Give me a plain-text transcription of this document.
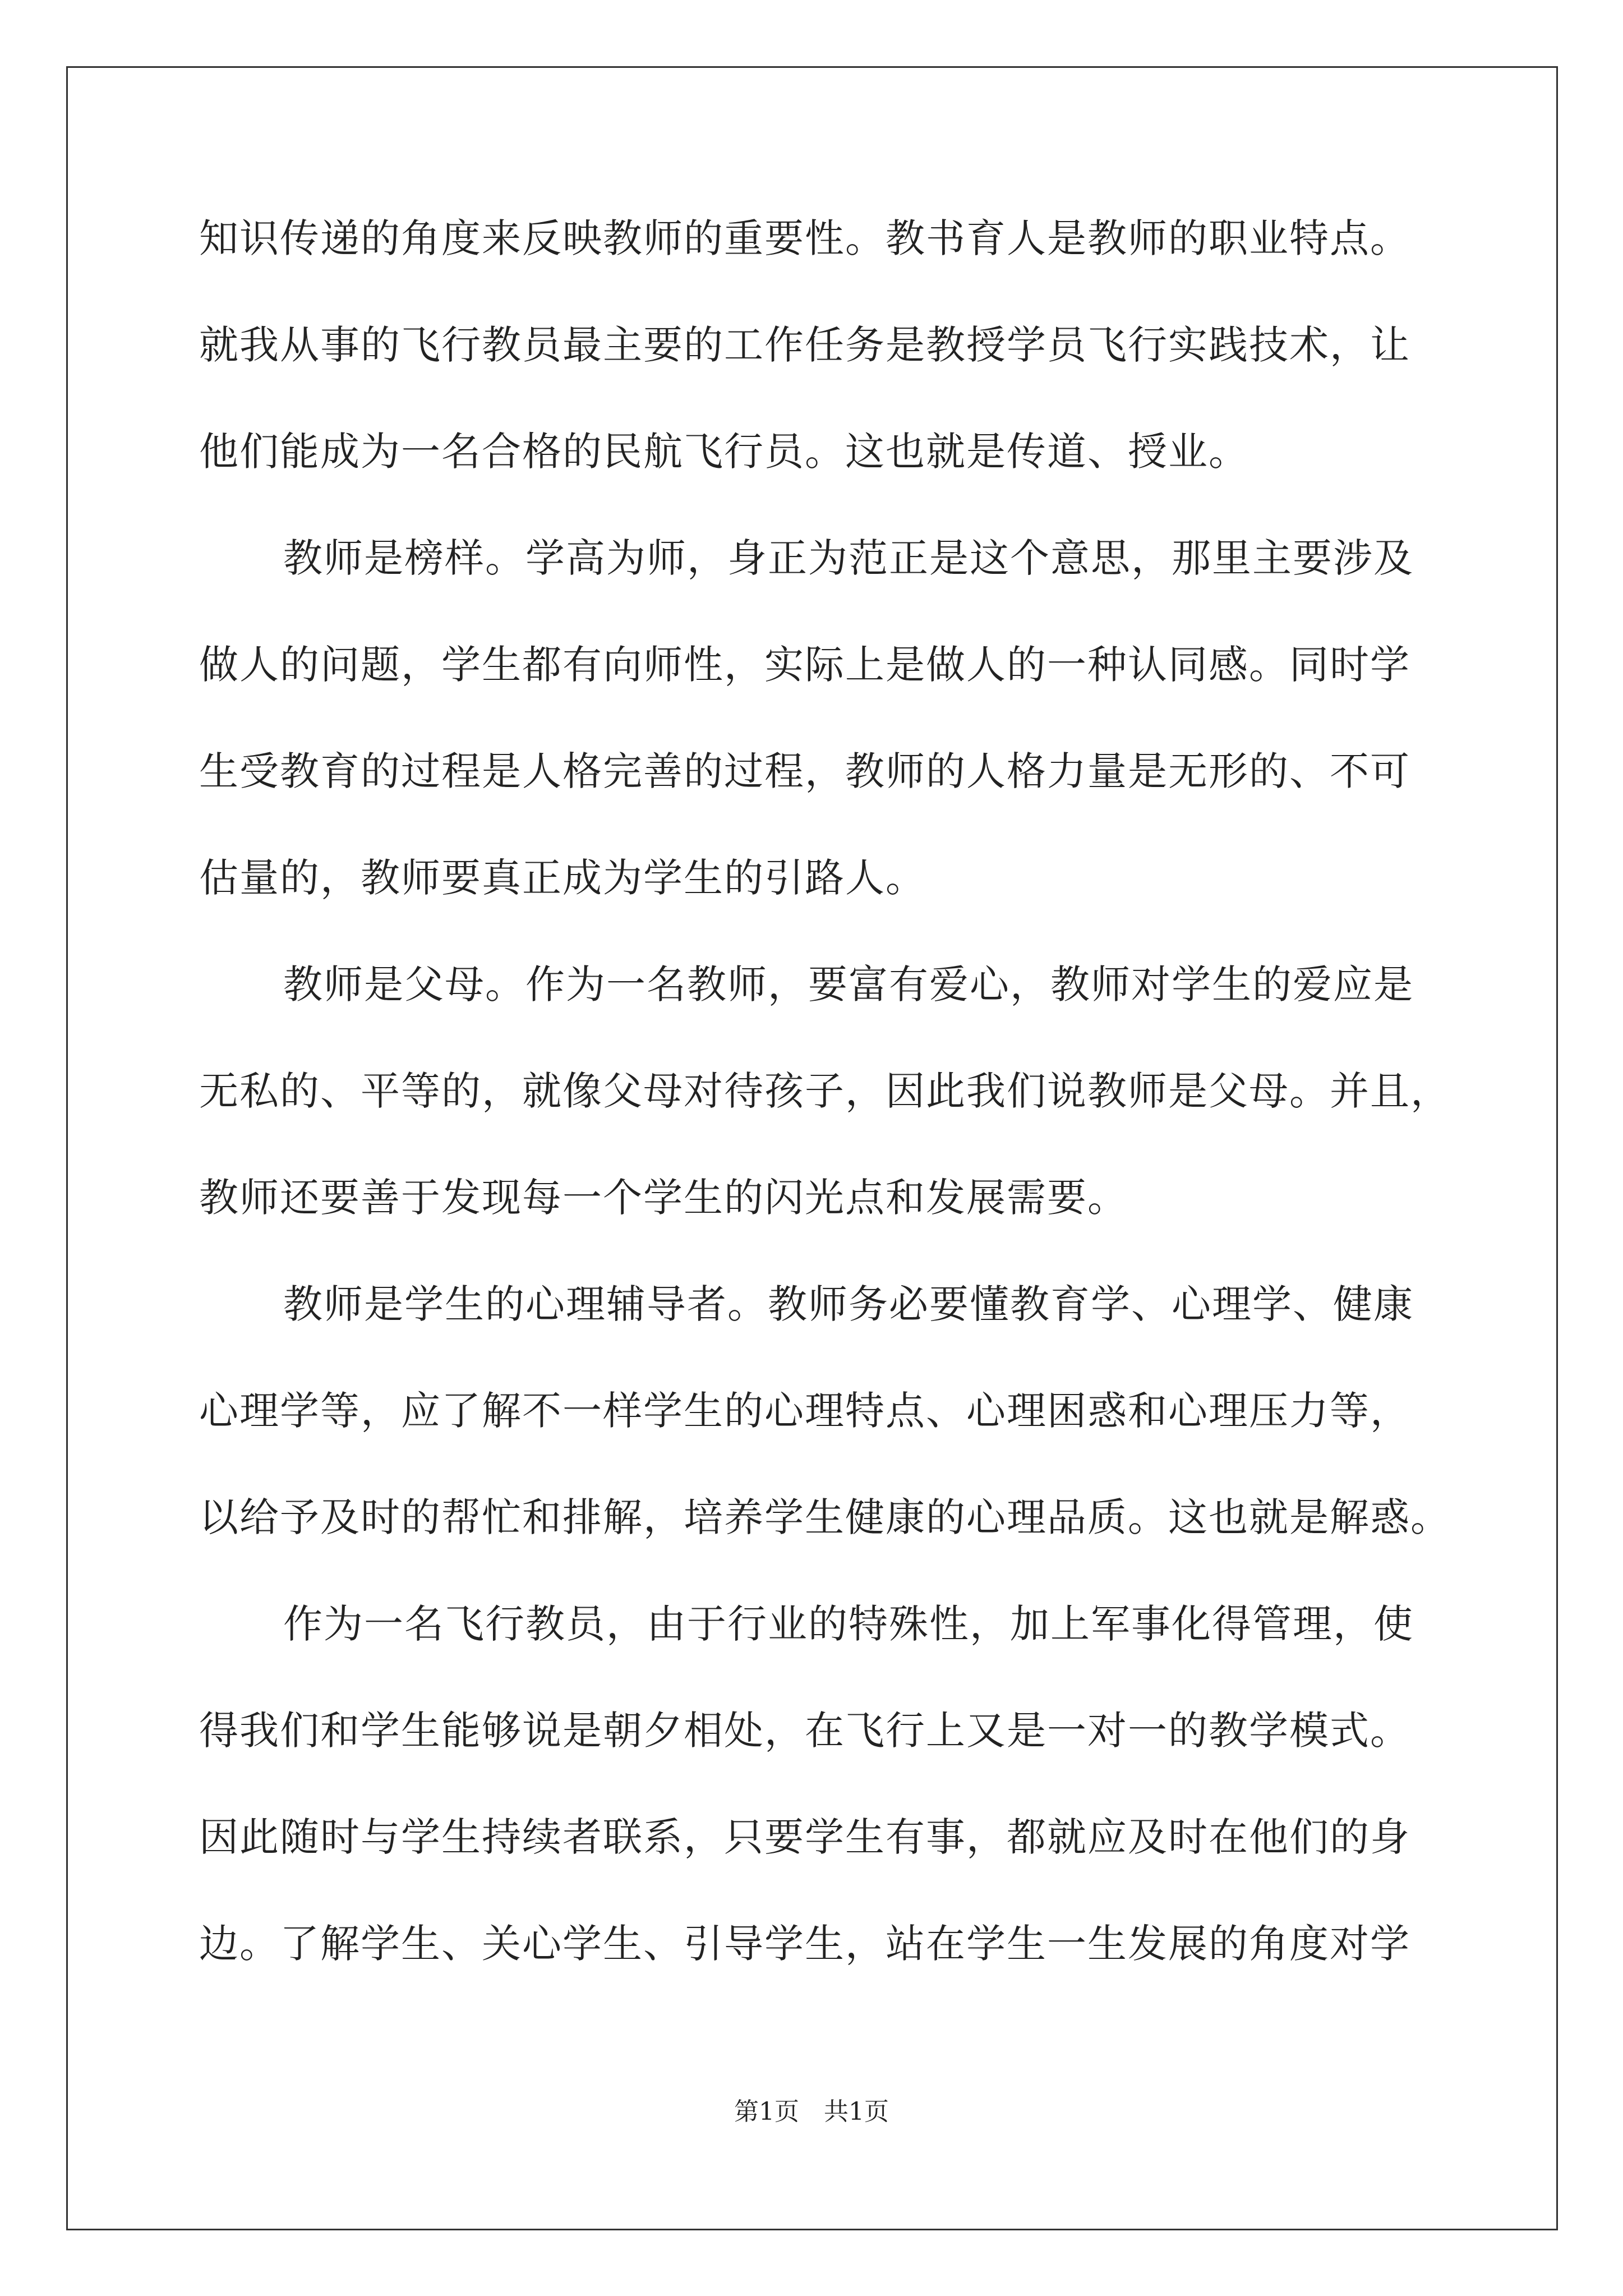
知识传递的角度来反映教师的重要性。教书育人是教师的职业特点。
就我从事的飞行教员最主要的工作任务是教授学员飞行实践技术，让
他们能成为一名合格的民航飞行员。这也就是传道、授业。
教师是榜样。学高为师，身正为范正是这个意思，那里主要涉及
做人的问题，学生都有向师性，实际上是做人的一种认同感。同时学
生受教育的过程是人格完善的过程，教师的人格力量是无形的、不可
估量的，教师要真正成为学生的引路人。
教师是父母。作为一名教师，要富有爱心，教师对学生的爱应是
无私的、平等的，就像父母对待孩子，因此我们说教师是父母。并且，
教师还要善于发现每一个学生的闪光点和发展需要。
教师是学生的心理辅导者。教师务必要懂教育学、心理学、健康
心理学等，应了解不一样学生的心理特点、心理困惑和心理压力等，
以给予及时的帮忙和排解，培养学生健康的心理品质。这也就是解惑。
作为一名飞行教员，由于行业的特殊性，加上军事化得管理，使
得我们和学生能够说是朝夕相处，在飞行上又是一对一的教学模式。
因此随时与学生持续者联系，只要学生有事，都就应及时在他们的身
边。了解学生、关心学生、引导学生，站在学生一生发展的角度对学
第1页 共1页
